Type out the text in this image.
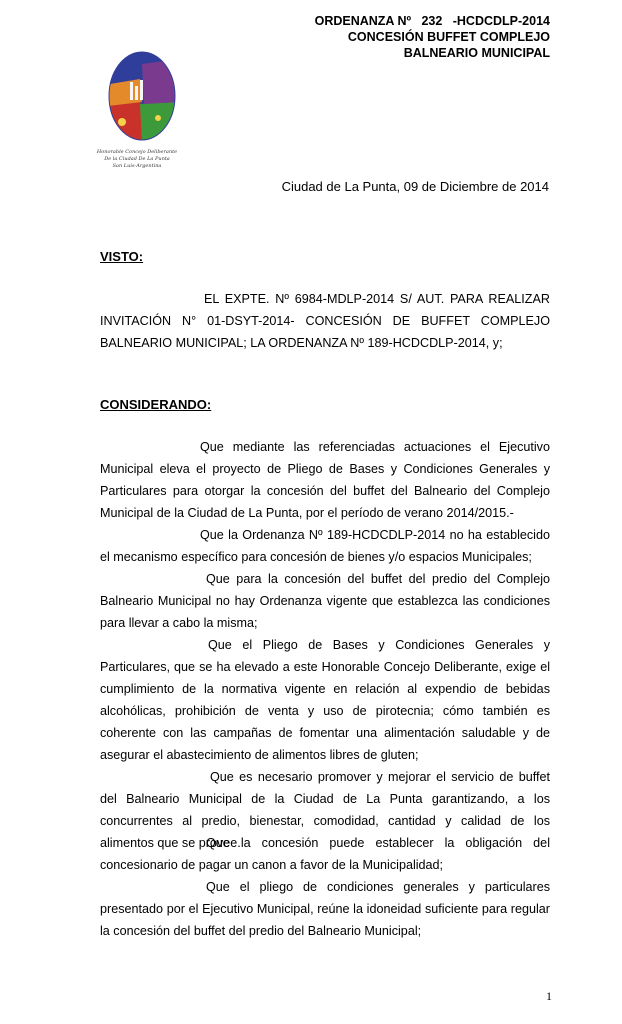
ORDENANZA Nº   232   -HCDCDLP-2014
CONCESIÓN BUFFET COMPLEJO
BALNEARIO MUNICIPAL
Honorable Concejo Deliberante
De la Ciudad De La Punta
San Luis-Argentina
Ciudad de La Punta, 09 de Diciembre de 2014
VISTO:

EL EXPTE. Nº 6984-MDLP-2014 S/ AUT. PARA REALIZAR INVITACIÓN N° 01-DSYT-2014- CONCESIÓN DE BUFFET COMPLEJO BALNEARIO MUNICIPAL; LA ORDENANZA Nº 189-HCDCDLP-2014, y;

CONSIDERANDO:

Que mediante las referenciadas actuaciones el Ejecutivo Municipal eleva el proyecto de Pliego de Bases y Condiciones Generales y Particulares para otorgar la concesión del buffet del Balneario del Complejo Municipal de la Ciudad de La Punta, por el período de verano 2014/2015.-

Que la Ordenanza Nº 189-HCDCDLP-2014 no ha establecido el mecanismo específico para concesión de bienes y/o espacios Municipales;

Que para la concesión del buffet del predio del Complejo Balneario Municipal no hay Ordenanza vigente que establezca las condiciones para llevar a cabo la misma;

Que el Pliego de Bases y Condiciones Generales y Particulares, que se ha elevado a este Honorable Concejo Deliberante, exige el cumplimiento de la normativa vigente en relación al expendio de bebidas alcohólicas, prohibición de venta y uso de pirotecnia; cómo también es coherente con las campañas de fomentar una alimentación saludable y de asegurar el abastecimiento de alimentos libres de gluten;

Que es necesario promover y mejorar el servicio de buffet del Balneario Municipal de la Ciudad de La Punta garantizando, a los concurrentes al predio, bienestar, comodidad, cantidad y calidad de los alimentos que se provee.

Que la concesión puede establecer la obligación del concesionario de pagar un canon a favor de la Municipalidad;

Que el pliego de condiciones generales y particulares presentado por el Ejecutivo Municipal, reúne la idoneidad suficiente para regular la concesión del buffet del predio del Balneario Municipal;

1
